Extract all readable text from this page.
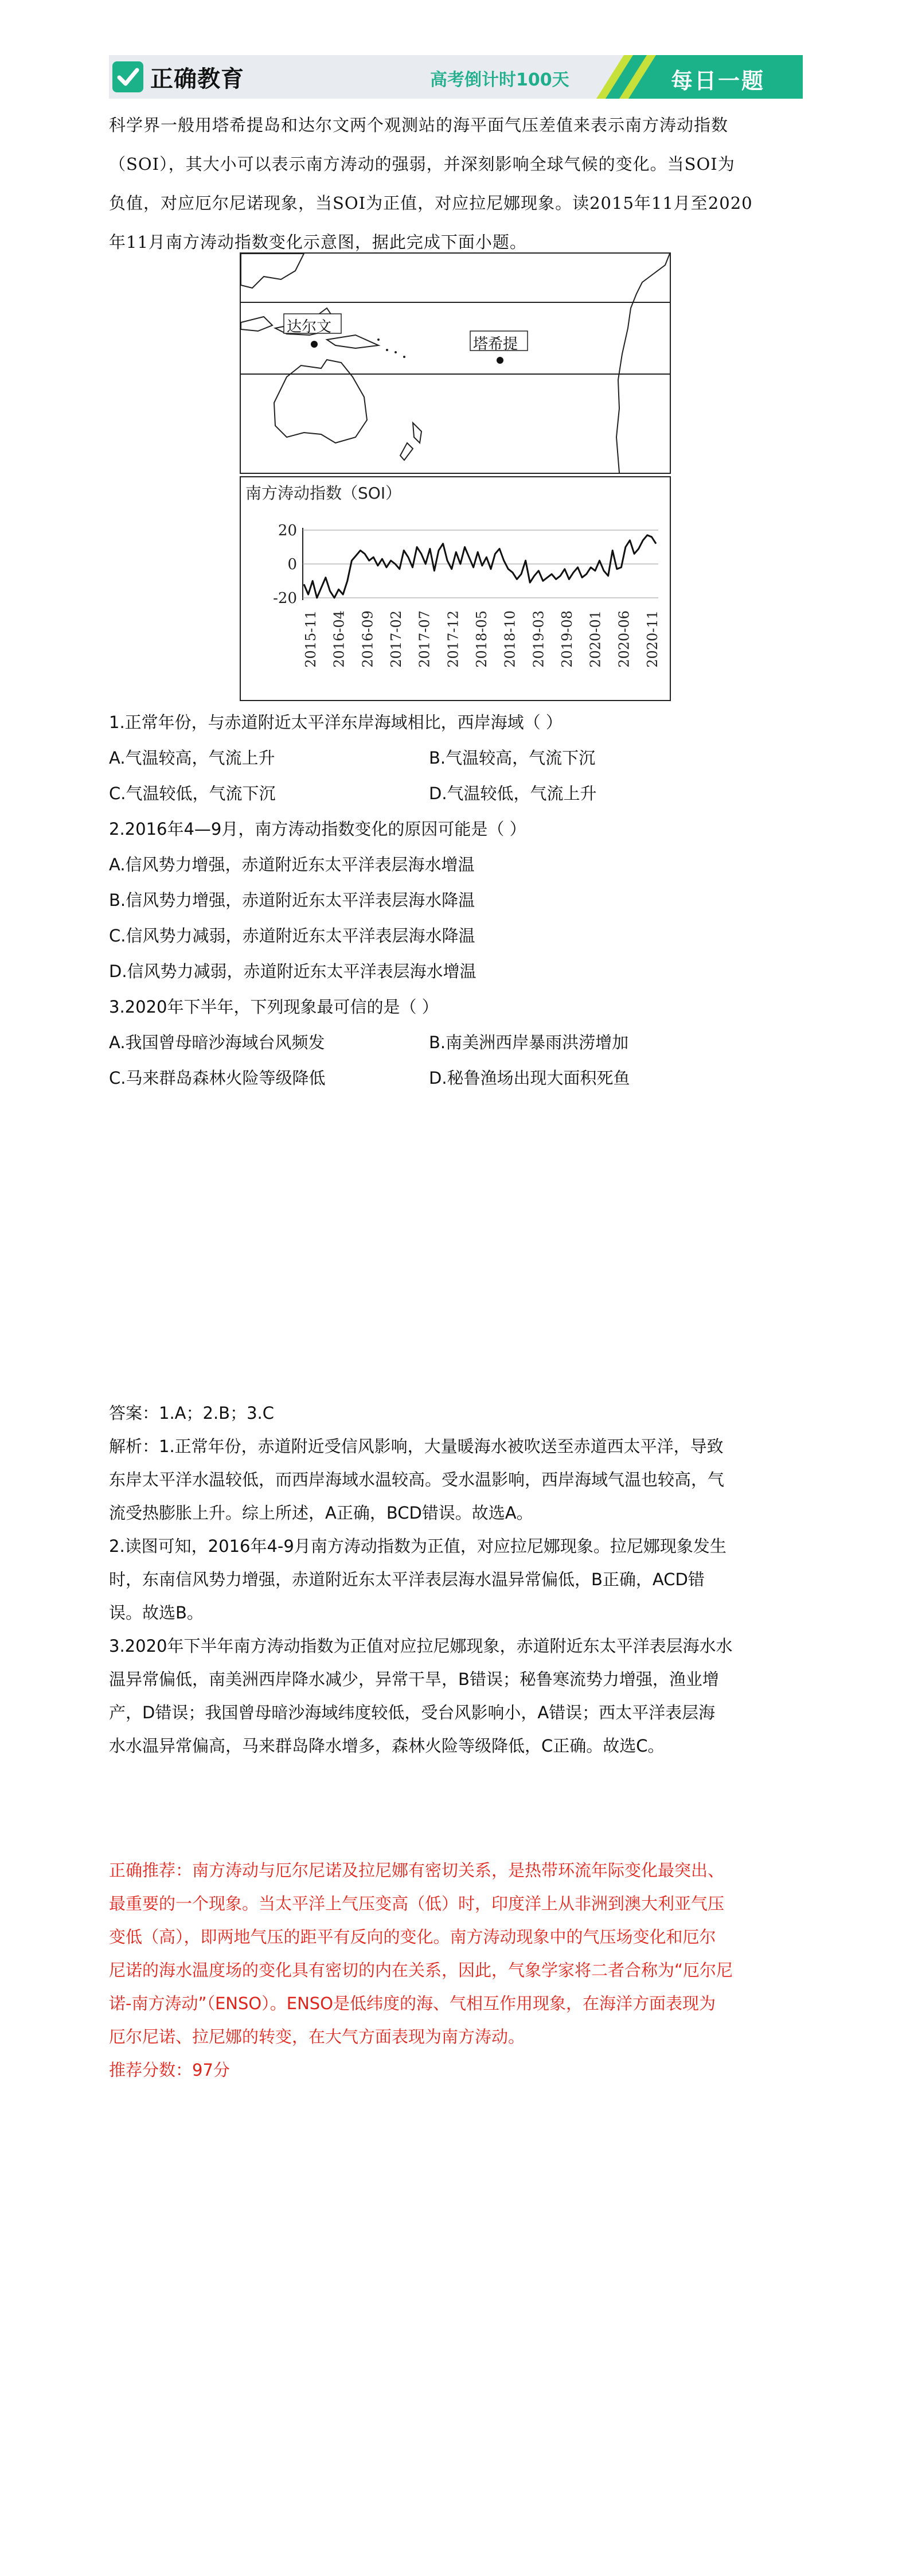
正确教育	高考倒计时100天	每日一题

科学界一般用塔希提岛和达尔文两个观测站的海平面气压差值来表示南方涛动指数

（SOI），其大小可以表示南方涛动的强弱，并深刻影响全球气候的变化。当SOI为

负值，对应厄尔尼诺现象，当SOI为正值，对应拉尼娜现象。读2015年11月至2020

年11月南方涛动指数变化示意图，据此完成下面小题。

达尔文
塔希提
南方涛动指数（SOI）
20
0
-20
2015-11 2016-04 2016-09 2017-02 2017-07 2017-12 2018-05 2018-10 2019-03 2019-08 2020-01 2020-06 2020-11
1.正常年份，与赤道附近太平洋东岸海域相比，西岸海域（ ）
A.气温较高，气流上升	B.气温较高，气流下沉
C.气温较低，气流下沉	D.气温较低，气流上升
2.2016年4—9月，南方涛动指数变化的原因可能是（ ）
A.信风势力增强，赤道附近东太平洋表层海水增温
B.信风势力增强，赤道附近东太平洋表层海水降温
C.信风势力减弱，赤道附近东太平洋表层海水降温
D.信风势力减弱，赤道附近东太平洋表层海水增温
3.2020年下半年，下列现象最可信的是（ ）
A.我国曾母暗沙海域台风频发	B.南美洲西岸暴雨洪涝增加
C.马来群岛森林火险等级降低	D.秘鲁渔场出现大面积死鱼

答案：1.A；2.B；3.C

解析：1.正常年份，赤道附近受信风影响，大量暖海水被吹送至赤道西太平洋，导致

东岸太平洋水温较低，而西岸海域水温较高。受水温影响，西岸海域气温也较高，气

流受热膨胀上升。综上所述，A正确，BCD错误。故选A。

2.读图可知，2016年4-9月南方涛动指数为正值，对应拉尼娜现象。拉尼娜现象发生

时，东南信风势力增强，赤道附近东太平洋表层海水温异常偏低，B正确，ACD错

误。故选B。

3.2020年下半年南方涛动指数为正值对应拉尼娜现象，赤道附近东太平洋表层海水水

温异常偏低，南美洲西岸降水减少，异常干旱，B错误；秘鲁寒流势力增强，渔业增

产，D错误；我国曾母暗沙海域纬度较低，受台风影响小，A错误；西太平洋表层海

水水温异常偏高，马来群岛降水增多，森林火险等级降低，C正确。故选C。

正确推荐：南方涛动与厄尔尼诺及拉尼娜有密切关系，是热带环流年际变化最突出、

最重要的一个现象。当太平洋上气压变高（低）时，印度洋上从非洲到澳大利亚气压

变低（高），即两地气压的距平有反向的变化。南方涛动现象中的气压场变化和厄尔

尼诺的海水温度场的变化具有密切的内在关系，因此，气象学家将二者合称为“厄尔尼

诺-南方涛动”（ENSO）。ENSO是低纬度的海、气相互作用现象，在海洋方面表现为

厄尔尼诺、拉尼娜的转变，在大气方面表现为南方涛动。

推荐分数：97分
